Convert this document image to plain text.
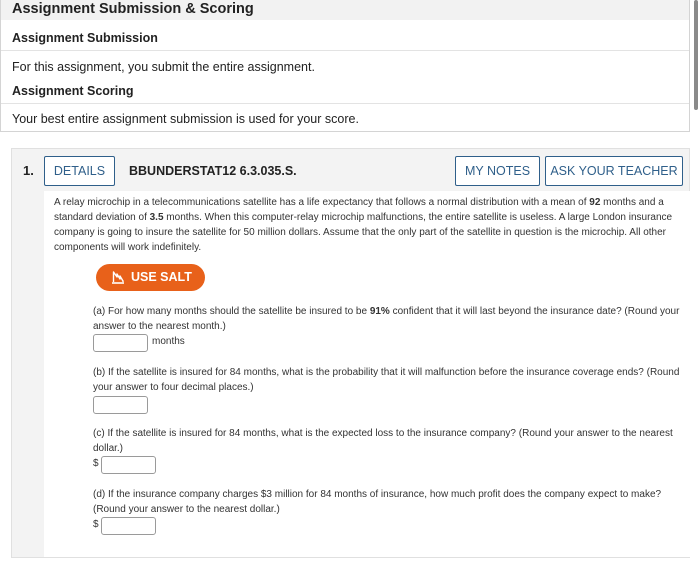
Assignment Submission & Scoring
Assignment Submission
For this assignment, you submit the entire assignment.
Assignment Scoring
Your best entire assignment submission is used for your score.
1.	DETAILS	BBUNDERSTAT12 6.3.035.S.	MY NOTES	ASK YOUR TEACHER
A relay microchip in a telecommunications satellite has a life expectancy that follows a normal distribution with a mean of 92 months and a standard deviation of 3.5 months. When this computer-relay microchip malfunctions, the entire satellite is useless. A large London insurance company is going to insure the satellite for 50 million dollars. Assume that the only part of the satellite in question is the microchip. All other components will work indefinitely.
USE SALT
(a) For how many months should the satellite be insured to be 91% confident that it will last beyond the insurance date? (Round your answer to the nearest month.)
months
(b) If the satellite is insured for 84 months, what is the probability that it will malfunction before the insurance coverage ends? (Round your answer to four decimal places.)
(c) If the satellite is insured for 84 months, what is the expected loss to the insurance company? (Round your answer to the nearest dollar.)
$
(d) If the insurance company charges $3 million for 84 months of insurance, how much profit does the company expect to make? (Round your answer to the nearest dollar.)
$
